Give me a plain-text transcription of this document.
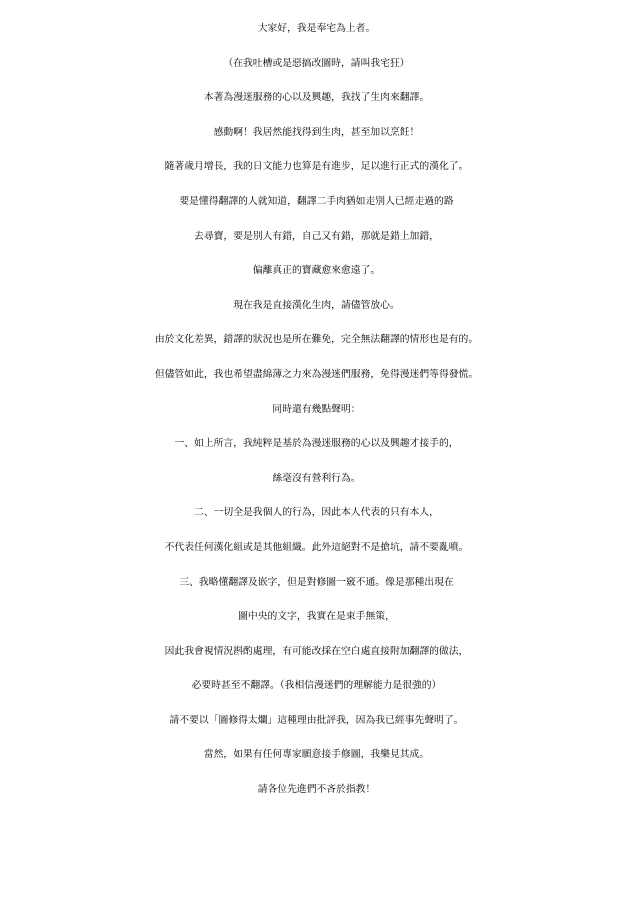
大家好，我是奉宅為上者。
（在我吐槽或是惡搞改圖時，請叫我宅狂）
本著為漫迷服務的心以及興趣，我找了生肉來翻譯。
感動啊！我居然能找得到生肉，甚至加以烹飪！
隨著歲月增長，我的日文能力也算是有進步，足以進行正式的漢化了。
要是懂得翻譯的人就知道，翻譯二手肉猶如走別人已經走過的路
去尋寶，要是別人有錯，自己又有錯，那就是錯上加錯，
偏離真正的寶藏愈來愈遠了。
現在我是直接漢化生肉，請儘管放心。
由於文化差異，錯譯的狀況也是所在難免，完全無法翻譯的情形也是有的。
但儘管如此，我也希望盡綿薄之力來為漫迷們服務，免得漫迷們等得發慌。
同時還有幾點聲明：
一、如上所言，我純粹是基於為漫迷服務的心以及興趣才接手的，
絲毫沒有營利行為。
二、一切全是我個人的行為，因此本人代表的只有本人，
不代表任何漢化組或是其他組織。此外這絕對不是搶坑，請不要亂噴。
三、我略懂翻譯及嵌字，但是對修圖一竅不通。像是那種出現在
圖中央的文字，我實在是束手無策，
因此我會視情況斟酌處理，有可能改採在空白處直接附加翻譯的做法，
必要時甚至不翻譯。（我相信漫迷們的理解能力是很強的）
請不要以「圖修得太爛」這種理由批評我，因為我已經事先聲明了。
當然，如果有任何專家願意接手修圖，我樂見其成。
請各位先進們不吝於指教！
